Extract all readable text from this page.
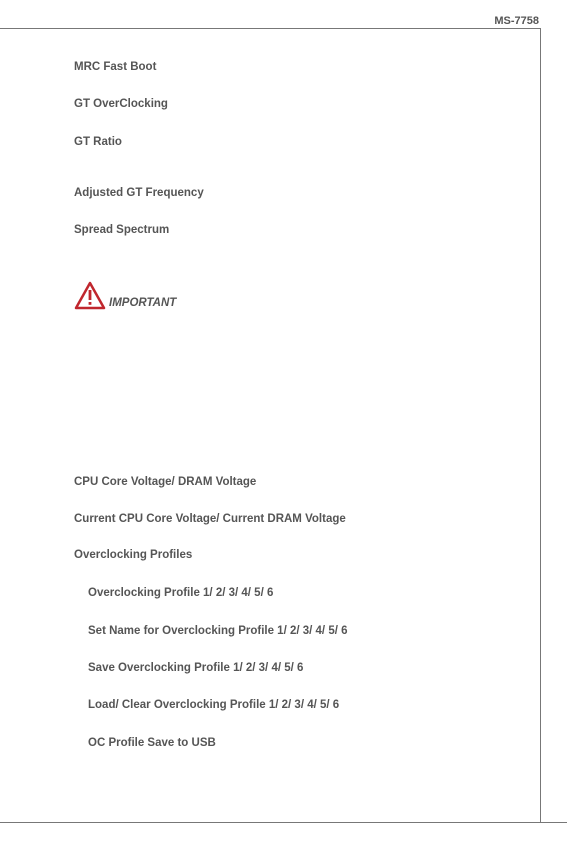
MS-7758
MRC Fast Boot
GT OverClocking
GT Ratio
Adjusted GT Frequency
Spread Spectrum
IMPORTANT
CPU Core Voltage/ DRAM Voltage
Current CPU Core Voltage/ Current DRAM Voltage
Overclocking Profiles
Overclocking Profile 1/ 2/ 3/ 4/ 5/ 6
Set Name for Overclocking Profile 1/ 2/ 3/ 4/ 5/ 6
Save Overclocking Profile 1/ 2/ 3/ 4/ 5/ 6
Load/ Clear Overclocking Profile 1/ 2/ 3/ 4/ 5/ 6
OC Profile Save to USB
